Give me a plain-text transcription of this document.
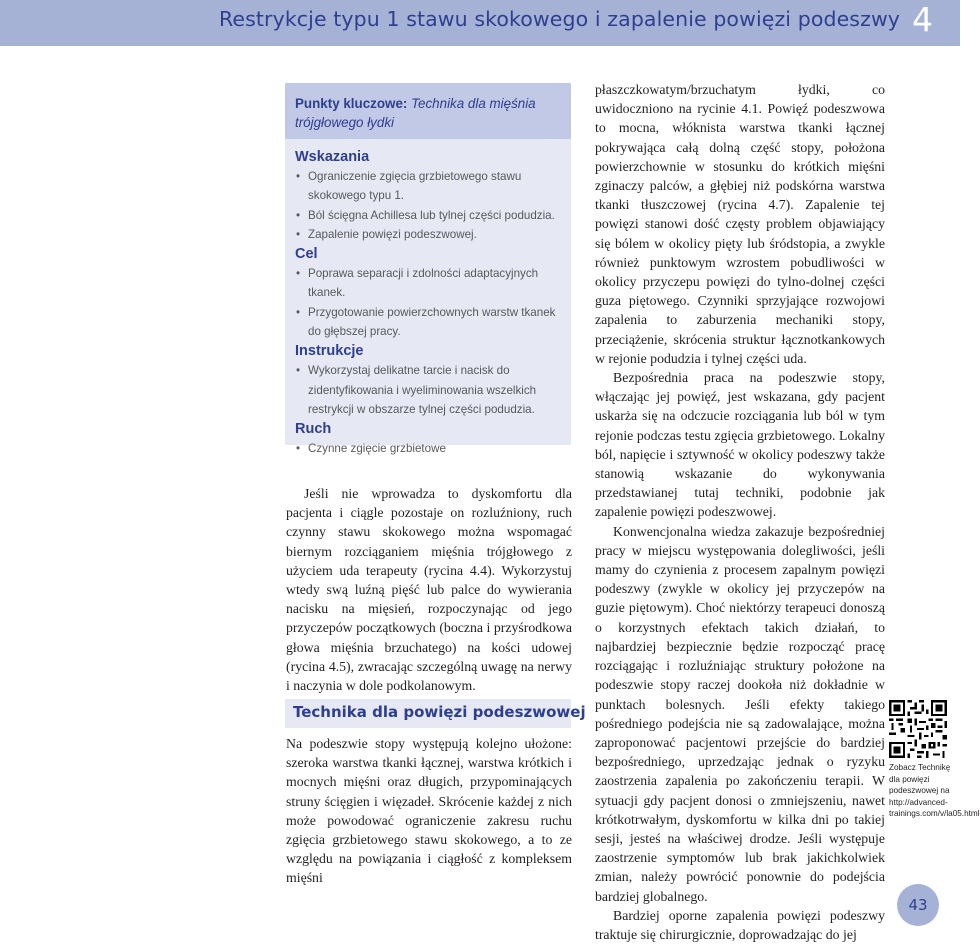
Restrykcje typu 1 stawu skokowego i zapalenie powięzi podeszwy 4

Punkty kluczowe: Technika dla mięśnia trójgłowego łydki

Wskazania
• Ograniczenie zgięcia grzbietowego stawu skokowego typu 1.
• Ból ścięgna Achillesa lub tylnej części podudzia.
• Zapalenie powięzi podeszwowej.
Cel
• Poprawa separacji i zdolności adaptacyjnych tkanek.
• Przygotowanie powierzchownych warstw tkanek do głębszej pracy.
Instrukcje
• Wykorzystaj delikatne tarcie i nacisk do zidentyfikowania i wyeliminowania wszelkich restrykcji w obszarze tylnej części podudzia.
Ruch
• Czynne zgięcie grzbietowe

Jeśli nie wprowadza to dyskomfortu dla pacjenta i ciągle pozostaje on rozluźniony, ruch czynny stawu skokowego można wspomagać biernym rozciąganiem mięśnia trójgłowego z użyciem uda terapeuty (rycina 4.4). Wykorzystuj wtedy swą luźną pięść lub palce do wywierania nacisku na mięsień, rozpoczynając od jego przyczepów początkowych (boczna i przyśrodkowa głowa mięśnia brzuchatego) na kości udowej (rycina 4.5), zwracając szczególną uwagę na nerwy i naczynia w dole podkolanowym.

Technika dla powięzi podeszwowej

Na podeszwie stopy występują kolejno ułożone: szeroka warstwa tkanki łącznej, warstwa krótkich i mocnych mięśni oraz długich, przypominających struny ścięgien i więzadeł. Skrócenie każdej z nich może powodować ograniczenie zakresu ruchu zgięcia grzbietowego stawu skokowego, a to ze względu na powiązania i ciągłość z kompleksem mięśni

płaszczkowatym/brzuchatym łydki, co uwidoczniono na rycinie 4.1. Powięź podeszwowa to mocna, włóknista warstwa tkanki łącznej pokrywająca całą dolną część stopy, położona powierzchownie w stosunku do krótkich mięśni zginaczy palców, a głębiej niż podskórna warstwa tkanki tłuszczowej (rycina 4.7). Zapalenie tej powięzi stanowi dość częsty problem objawiający się bólem w okolicy pięty lub śródstopia, a zwykle również punktowym wzrostem pobudliwości w okolicy przyczepu powięzi do tylno-dolnej części guza piętowego. Czynniki sprzyjające rozwojowi zapalenia to zaburzenia mechaniki stopy, przeciążenie, skrócenia struktur łącznotkankowych w rejonie podudzia i tylnej części uda.

Bezpośrednia praca na podeszwie stopy, włączając jej powięź, jest wskazana, gdy pacjent uskarża się na odczucie rozciągania lub ból w tym rejonie podczas testu zgięcia grzbietowego. Lokalny ból, napięcie i sztywność w okolicy podeszwy także stanowią wskazanie do wykonywania przedstawianej tutaj techniki, podobnie jak zapalenie powięzi podeszwowej.

Konwencjonalna wiedza zakazuje bezpośredniej pracy w miejscu występowania dolegliwości, jeśli mamy do czynienia z procesem zapalnym powięzi podeszwy (zwykle w okolicy jej przyczepów na guzie piętowym). Choć niektórzy terapeuci donoszą o korzystnych efektach takich działań, to najbardziej bezpiecznie będzie rozpocząć pracę rozciągając i rozluźniając struktury położone na podeszwie stopy raczej dookoła niż dokładnie w punktach bolesnych. Jeśli efekty takiego pośredniego podejścia nie są zadowalające, można zaproponować pacjentowi przejście do bardziej bezpośredniego, uprzedzając jednak o ryzyku zaostrzenia zapalenia po zakończeniu terapii. W sytuacji gdy pacjent donosi o zmniejszeniu, nawet krótkotrwałym, dyskomfortu w kilka dni po takiej sesji, jesteś na właściwej drodze. Jeśli występuje zaostrzenie symptomów lub brak jakichkolwiek zmian, należy powrócić ponownie do podejścia bardziej globalnego.

Bardziej oporne zapalenia powięzi podeszwy traktuje się chirurgicznie, doprowadzając do jej

Zobacz Technikę dla powięzi podeszwowej na http://advanced-trainings.com/v/la05.html
43
